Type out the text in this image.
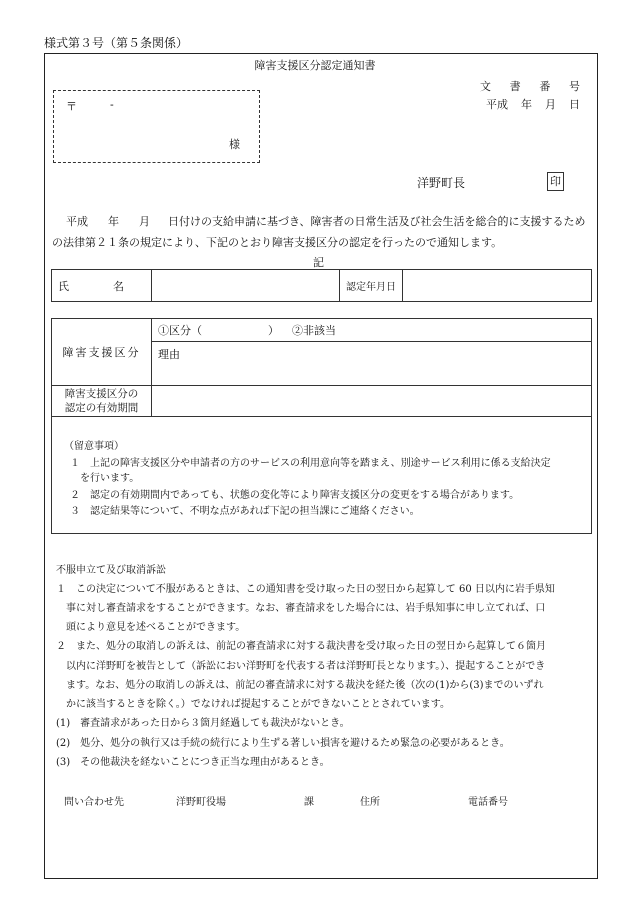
様式第３号（第５条関係）
障害支援区分認定通知書
文 書 番 号
平成 年 月 日
〒	-
様
洋野町長	印
平成 年 月 日付けの支給申請に基づき、障害者の日常生活及び社会生活を総合的に支援するため
の法律第２１条の規定により、下記のとおり障害支援区分の認定を行ったので通知します。
記
氏　　　　名		認定年月日	
障害支援区分	①区分（　　　　　　） ②非該当
	理由

障害支援区分の
認定の有効期間	

（留意事項）
１　上記の障害支援区分や申請者の方のサービスの利用意向等を踏まえ、別途サービス利用に係る支給決定
　を行います。
２　認定の有効期間内であっても、状態の変化等により障害支援区分の変更をする場合があります。
３　認定結果等について、不明な点があれば下記の担当課にご連絡ください。
不服申立て及び取消訴訟
１　この決定について不服があるときは、この通知書を受け取った日の翌日から起算して 60 日以内に岩手県知
　事に対し審査請求をすることができます。なお、審査請求をした場合には、岩手県知事に申し立てれば、口
　頭により意見を述べることができます。
２　また、処分の取消しの訴えは、前記の審査請求に対する裁決書を受け取った日の翌日から起算して６箇月
　以内に洋野町を被告として（訴訟におい洋野町を代表する者は洋野町長となります。）、提起することができ
　ます。なお、処分の取消しの訴えは、前記の審査請求に対する裁決を経た後（次の(1)から(3)までのいずれ
　かに該当するときを除く。）でなければ提起することができないこととされています。
(1)　審査請求があった日から３箇月経過しても裁決がないとき。
(2)　処分、処分の執行又は手続の続行により生ずる著しい損害を避けるため緊急の必要があるとき。
(3)　その他裁決を経ないことにつき正当な理由があるとき。
問い合わせ先	洋野町役場	課	住所	電話番号
